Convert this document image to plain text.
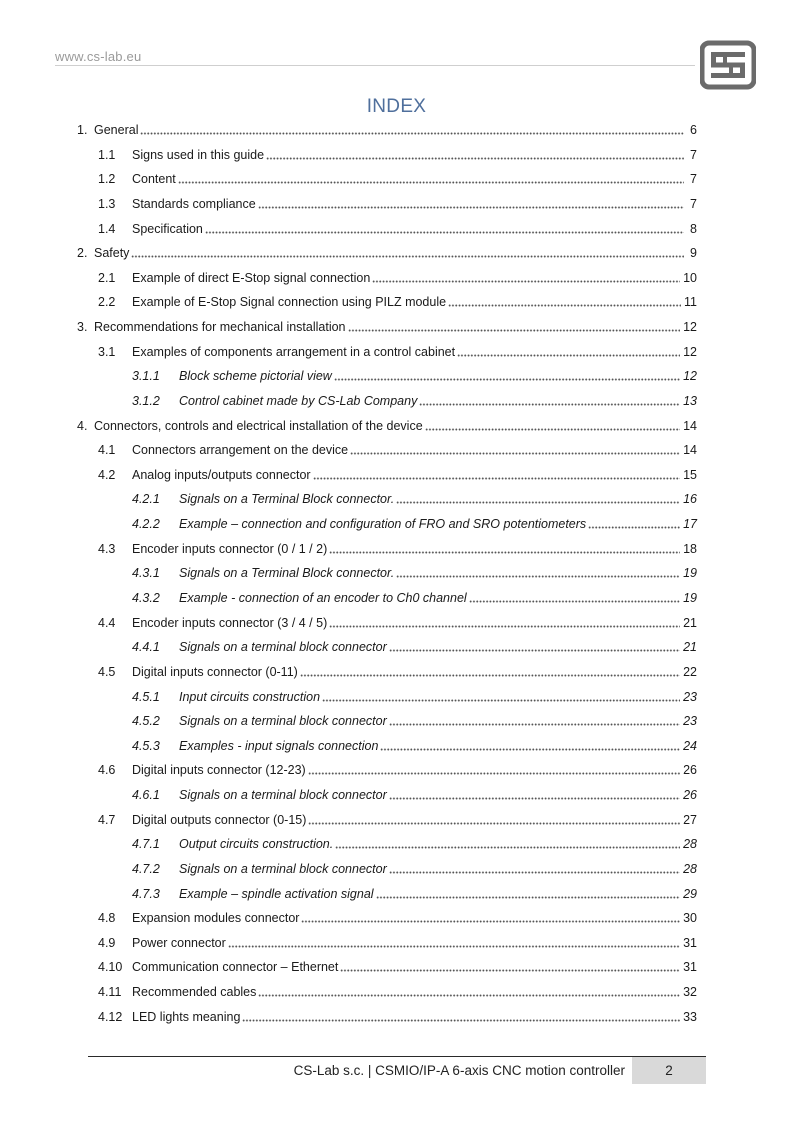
www.cs-lab.eu
INDEX
1. General	6
1.1	Signs used in this guide	7
1.2	Content	7
1.3	Standards compliance	7
1.4	Specification	8
2. Safety	9
2.1	Example of direct E-Stop signal connection	10
2.2	Example of E-Stop Signal connection using PILZ module	11
3. Recommendations for mechanical installation	12
3.1	Examples of components arrangement in a control cabinet	12
3.1.1	Block scheme pictorial view	12
3.1.2	Control cabinet made by CS-Lab Company	13
4. Connectors, controls and electrical installation of the device	14
4.1	Connectors arrangement on the device	14
4.2	Analog inputs/outputs connector	15
4.2.1	Signals on a Terminal Block connector.	16
4.2.2	Example – connection and configuration of FRO and SRO potentiometers	17
4.3	Encoder inputs connector (0 / 1 / 2)	18
4.3.1	Signals on a Terminal Block connector.	19
4.3.2	Example - connection of an encoder to Ch0 channel	19
4.4	Encoder inputs connector (3 / 4 / 5)	21
4.4.1	Signals on a terminal block connector	21
4.5	Digital inputs connector (0-11)	22
4.5.1	Input circuits construction	23
4.5.2	Signals on a terminal block connector	23
4.5.3	Examples - input signals connection	24
4.6	Digital inputs connector (12-23)	26
4.6.1	Signals on a terminal block connector	26
4.7	Digital outputs connector (0-15)	27
4.7.1	Output circuits construction.	28
4.7.2	Signals on a terminal block connector	28
4.7.3	Example – spindle activation signal	29
4.8	Expansion modules connector	30
4.9	Power connector	31
4.10 Communication connector – Ethernet	31
4.11 Recommended cables	32
4.12 LED lights meaning	33
CS-Lab s.c. | CSMIO/IP-A 6-axis CNC motion controller	2
